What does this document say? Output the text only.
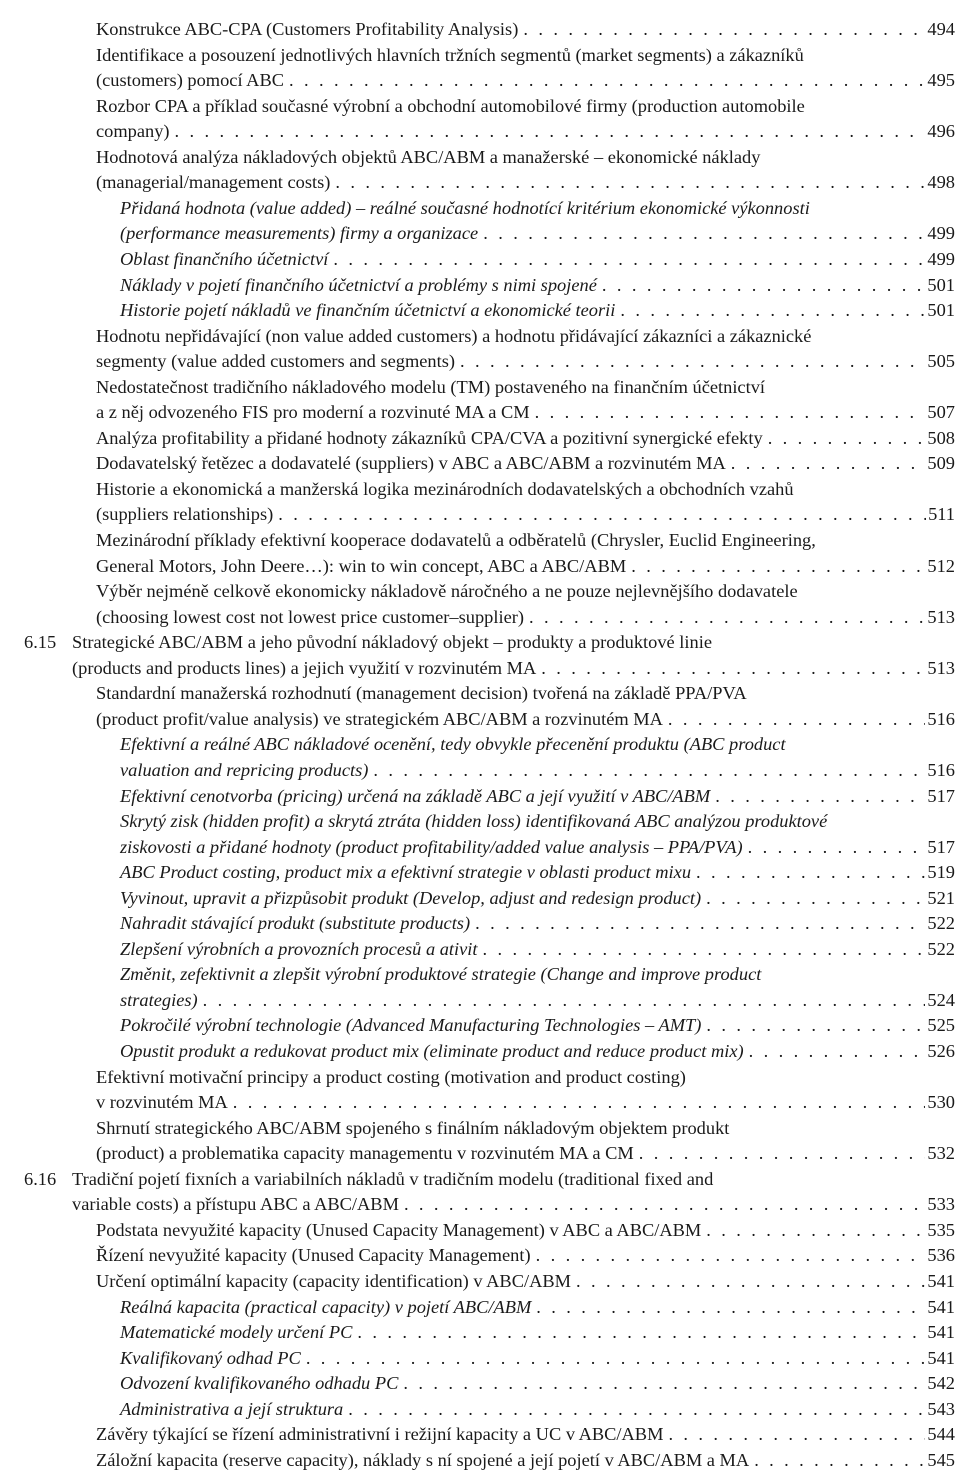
Konstrukce ABC-CPA (Customers Profitability Analysis) . . .	494
Identifikace a posouzení jednotlivých hlavních tržních segmentů (market segments) a zákazníků
(customers) pomocí ABC . . .	495
Rozbor CPA a příklad současné výrobní a obchodní automobilové firmy (production automobile
company) . . .	496
Hodnotová analýza nákladových objektů ABC/ABM a manažerské – ekonomické náklady
(managerial/management costs) . . .	498
Přidaná hodnota (value added) – reálné současné hodnotící kritérium ekonomické výkonnosti
(performance measurements) firmy a organizace . . .	499
Oblast finančního účetnictví . . .	499
Náklady v pojetí finančního účetnictví a problémy s nimi spojené . . .	501
Historie pojetí nákladů ve finančním účetnictví a ekonomické teorii . . .	501
Hodnotu nepřidávající (non value added customers) a hodnotu přidávající zákazníci a zákaznické
segmenty (value added customers and segments) . . .	505
Nedostatečnost tradičního nákladového modelu (TM) postaveného na finančním účetnictví
a z něj odvozeného FIS pro moderní a rozvinuté MA a CM . . .	507
Analýza profitability a přidané hodnoty zákazníků CPA/CVA a pozitivní synergické efekty . . .	508
Dodavatelský řetězec a dodavatelé (suppliers) v ABC a ABC/ABM a rozvinutém MA . . .	509
Historie a ekonomická a manžerská logika mezinárodních dodavatelských a obchodních vzahů
(suppliers relationships) . . .	511
Mezinárodní příklady efektivní kooperace dodavatelů a odběratelů (Chrysler, Euclid Engineering,
General Motors, John Deere…): win to win concept, ABC a ABC/ABM . . .	512
Výběr nejméně celkově ekonomicky nákladově náročného a ne pouze nejlevnějšího dodavatele
(choosing lowest cost not lowest price customer–supplier) . . .	513
6.15 Strategické ABC/ABM a jeho původní nákladový objekt – produkty a produktové linie
(products and products lines) a jejich využití v rozvinutém MA . . .	513
Standardní manažerská rozhodnutí (management decision) tvořená na základě PPA/PVA
(product profit/value analysis) ve strategickém ABC/ABM a rozvinutém MA . . .	516
Efektivní a reálné ABC nákladové ocenění, tedy obvykle přecenění produktu (ABC product
valuation and repricing products) . . .	516
Efektivní cenotvorba (pricing) určená na základě ABC a její využití v ABC/ABM . . .	517
Skrytý zisk (hidden profit) a skrytá ztráta (hidden loss) identifikovaná ABC analýzou produktové
ziskovosti a přidané hodnoty (product profitability/added value analysis – PPA/PVA) . . .	517
ABC Product costing, product mix a efektivní strategie v oblasti product mixu . . .	519
Vyvinout, upravit a přizpůsobit produkt (Develop, adjust and redesign product) . . .	521
Nahradit stávající produkt (substitute products) . . .	522
Zlepšení výrobních a provozních procesů a ativit . . .	522
Změnit, zefektivnit a zlepšit výrobní produktové strategie (Change and improve product
strategies) . . .	524
Pokročilé výrobní technologie (Advanced Manufacturing Technologies – AMT) . . .	525
Opustit produkt a redukovat product mix (eliminate product and reduce product mix) . . .	526
Efektivní motivační principy a product costing (motivation and product costing)
v rozvinutém MA . . .	530
Shrnutí strategického ABC/ABM spojeného s finálním nákladovým objektem produkt
(product) a problematika capacity managementu v rozvinutém MA a CM . . .	532
6.16 Tradiční pojetí fixních a variabilních nákladů v tradičním modelu (traditional fixed and
variable costs) a přístupu ABC a ABC/ABM . . .	533
Podstata nevyužité kapacity (Unused Capacity Management) v ABC a ABC/ABM . . .	535
Řízení nevyužité kapacity (Unused Capacity Management) . . .	536
Určení optimální kapacity (capacity identification) v ABC/ABM . . .	541
Reálná kapacita (practical capacity) v pojetí ABC/ABM . . .	541
Matematické modely určení PC . . .	541
Kvalifikovaný odhad PC . . .	541
Odvození kvalifikovaného odhadu PC . . .	542
Administrativa a její struktura . . .	543
Závěry týkající se řízení administrativní i režijní kapacity a UC v ABC/ABM . . .	544
Záložní kapacita (reserve capacity), náklady s ní spojené a její pojetí v ABC/ABM a MA . . .	545
